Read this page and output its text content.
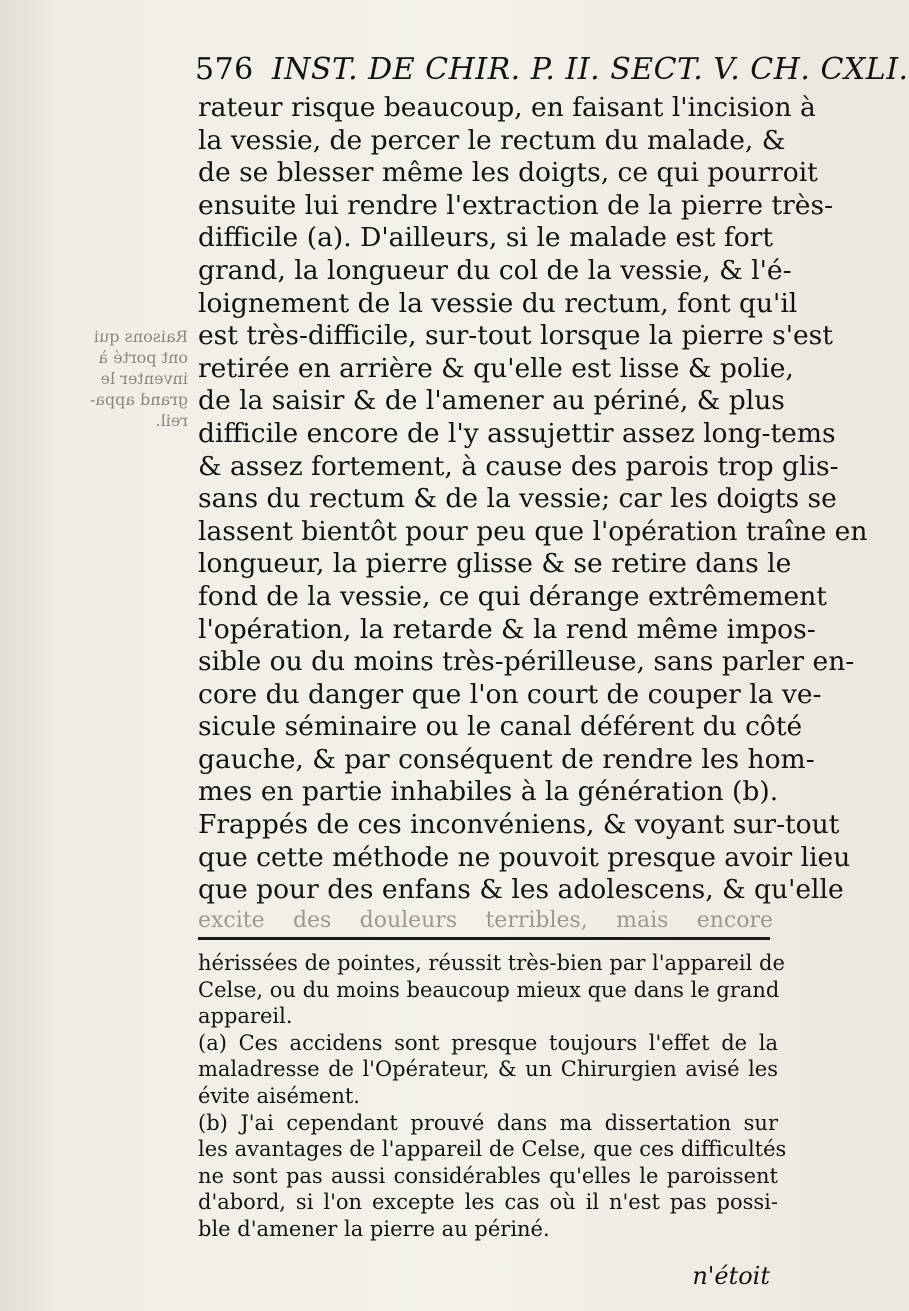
576 INST. DE CHIR. P. II. SECT. V. CH. CXLI.
Raisons qui
ont porté à
inventer le
grand appa-
reil.
rateur risque beaucoup, en faisant l'incision à
la vessie, de percer le rectum du malade, &
de se blesser même les doigts, ce qui pourroit
ensuite lui rendre l'extraction de la pierre très-
difficile (a). D'ailleurs, si le malade est fort
grand, la longueur du col de la vessie, & l'é-
loignement de la vessie du rectum, font qu'il
est très-difficile, sur-tout lorsque la pierre s'est
retirée en arrière & qu'elle est lisse & polie,
de la saisir & de l'amener au périné, & plus
difficile encore de l'y assujettir assez long-tems
& assez fortement, à cause des parois trop glis-
sans du rectum & de la vessie; car les doigts se
lassent bientôt pour peu que l'opération traîne en
longueur, la pierre glisse & se retire dans le
fond de la vessie, ce qui dérange extrêmement
l'opération, la retarde & la rend même impos-
sible ou du moins très-périlleuse, sans parler en-
core du danger que l'on court de couper la ve-
sicule séminaire ou le canal déférent du côté
gauche, & par conséquent de rendre les hom-
mes en partie inhabiles à la génération (b).
Frappés de ces inconvéniens, & voyant sur-tout
que cette méthode ne pouvoit presque avoir lieu
que pour des enfans & les adolescens, & qu'elle
excite des douleurs terribles, mais encore
hérissées de pointes, réussit très-bien par l'appareil de
Celse, ou du moins beaucoup mieux que dans le grand
appareil.
(a) Ces accidens sont presque toujours l'effet de la
maladresse de l'Opérateur, & un Chirurgien avisé les
évite aisément.
(b) J'ai cependant prouvé dans ma dissertation sur
les avantages de l'appareil de Celse, que ces difficultés
ne sont pas aussi considérables qu'elles le paroissent
d'abord, si l'on excepte les cas où il n'est pas possi-
ble d'amener la pierre au périné.
n'étoit
